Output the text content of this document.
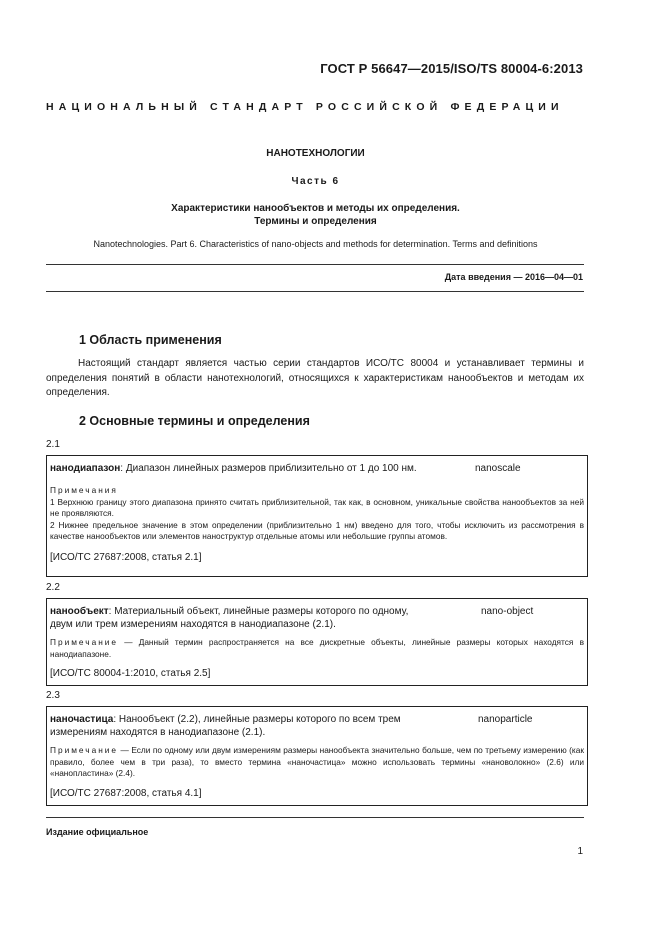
ГОСТ Р 56647—2015/ISO/TS 80004-6:2013
НАЦИОНАЛЬНЫЙ СТАНДАРТ РОССИЙСКОЙ ФЕДЕРАЦИИ
НАНОТЕХНОЛОГИИ
Часть 6
Характеристики нанообъектов и методы их определения.
Термины и определения
Nanotechnologies. Part 6. Characteristics of nano-objects and methods for determination. Terms and definitions
Дата введения — 2016—04—01
1 Область применения
Настоящий стандарт является частью серии стандартов ИСО/ТС 80004 и устанавливает термины и определения понятий в области нанотехнологий, относящихся к характеристикам нанообъектов и методам их определения.
2 Основные термины и определения
2.1
нанодиапазон: Диапазон линейных размеров приблизительно от 1 до 100 нм.	nanoscale
Примечания
1 Верхнюю границу этого диапазона принято считать приблизительной, так как, в основном, уникальные свойства нанообъектов за ней не проявляются.
2 Нижнее предельное значение в этом определении (приблизительно 1 нм) введено для того, чтобы исключить из рассмотрения в качестве нанообъектов или элементов наноструктур отдельные атомы или небольшие группы атомов.
[ИСО/ТС 27687:2008, статья 2.1]
2.2
нанообъект: Материальный объект, линейные размеры которого по одному,	nano-object
двум или трем измерениям находятся в нанодиапазоне (2.1).
Примечание — Данный термин распространяется на все дискретные объекты, линейные размеры которых находятся в нанодиапазоне.
[ИСО/ТС 80004-1:2010, статья 2.5]
2.3
наночастица: Нанообъект (2.2), линейные размеры которого по всем трем	nanoparticle
измерениям находятся в нанодиапазоне (2.1).
Примечание — Если по одному или двум измерениям размеры нанообъекта значительно больше, чем по третьему измерению (как правило, более чем в три раза), то вместо термина «наночастица» можно использовать термины «нановолокно» (2.6) или «нанопластина» (2.4).
[ИСО/ТС 27687:2008, статья 4.1]
Издание официальное
1
